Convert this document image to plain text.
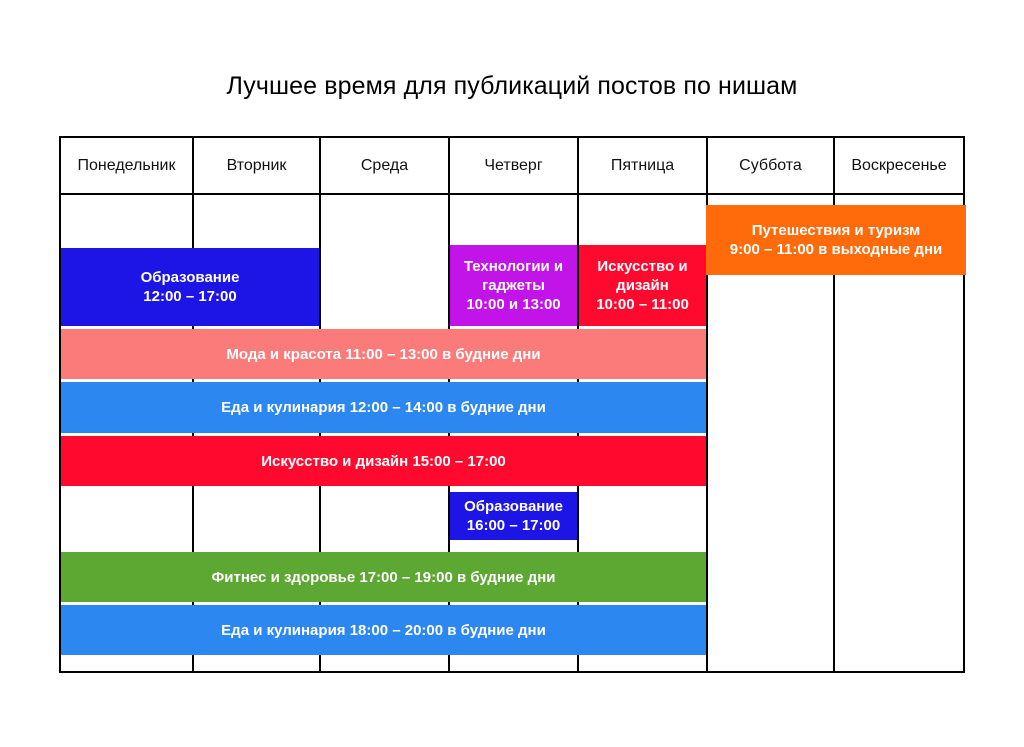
Лучшее время для публикаций постов по нишам
Понедельник	Вторник	Среда	Четверг	Пятница	Суббота	Воскресенье
Путешествия и туризм
9:00 – 11:00 в выходные дни
Образование
12:00 – 17:00
Технологии и
гаджеты
10:00 и 13:00
Искусство и
дизайн
10:00 – 11:00
Мода и красота 11:00 – 13:00 в будние дни
Еда и кулинария 12:00 – 14:00 в будние дни
Искусство и дизайн 15:00 – 17:00
Образование
16:00 – 17:00
Фитнес и здоровье 17:00 – 19:00 в будние дни
Еда и кулинария 18:00 – 20:00 в будние дни
